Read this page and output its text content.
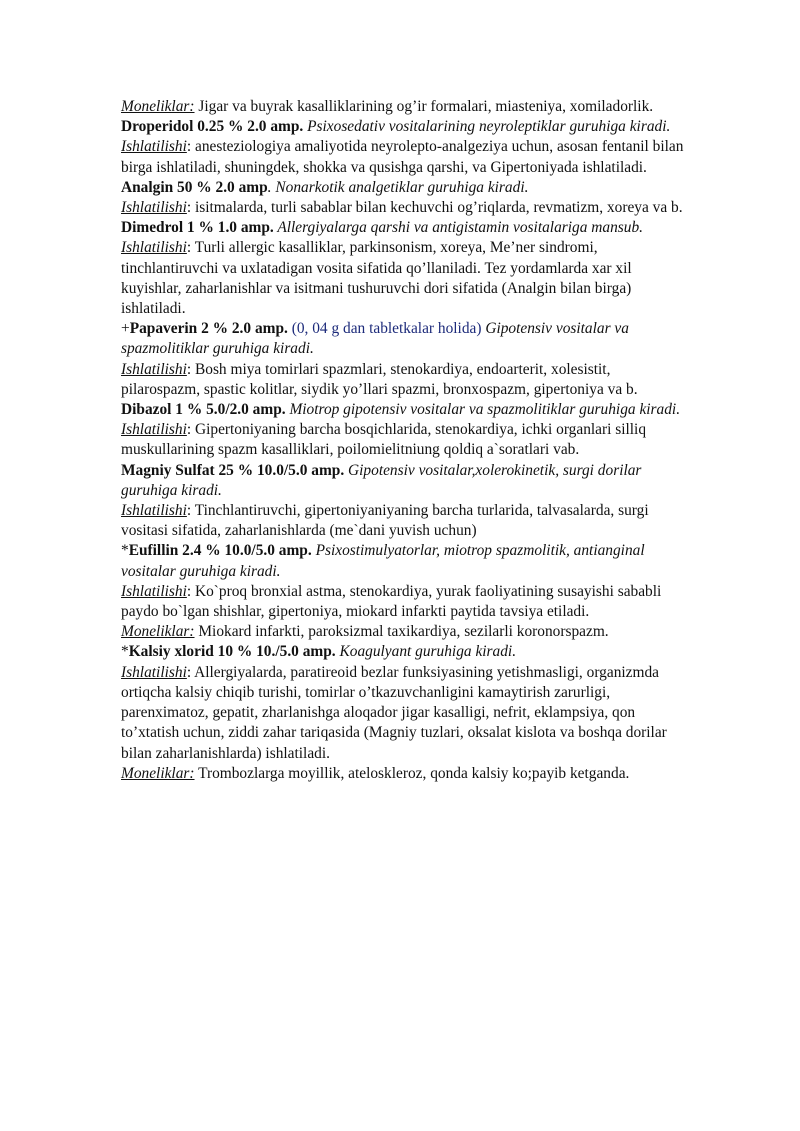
Moneliklar: Jigar va buyrak kasalliklarining og’ir formalari, miasteniya, xomiladorlik.

Droperidol 0.25 % 2.0 amp. Psixosedativ vositalarining neyroleptiklar guruhiga kiradi.

Ishlatilishi: anesteziologiya amaliyotida neyrolepto-analgeziya uchun, asosan fentanil bilan birga ishlatiladi, shuningdek, shokka va qusishga qarshi, va Gipertoniyada ishlatiladi.

Analgin 50 % 2.0 amp. Nonarkotik analgetiklar guruhiga kiradi.

Ishlatilishi: isitmalarda, turli sabablar bilan kechuvchi og’riqlarda, revmatizm, xoreya va b.

Dimedrol 1 % 1.0 amp. Allergiyalarga qarshi va antigistamin vositalariga mansub.

Ishlatilishi: Turli allergic kasalliklar, parkinsonism, xoreya, Me’ner sindromi, tinchlantiruvchi va uxlatadigan vosita sifatida qo’llaniladi. Tez yordamlarda xar xil kuyishlar, zaharlanishlar va isitmani tushuruvchi dori sifatida (Analgin bilan birga) ishlatiladi.

+Papaverin 2 % 2.0 amp. (0, 04 g dan tabletkalar holida) Gipotensiv vositalar va spazmolitiklar guruhiga kiradi.

Ishlatilishi: Bosh miya tomirlari spazmlari, stenokardiya, endoarterit, xolesistit, pilarospazm, spastic kolitlar, siydik yo’llari spazmi, bronxospazm, gipertoniya va b.

Dibazol 1 % 5.0/2.0 amp. Miotrop gipotensiv vositalar va spazmolitiklar guruhiga kiradi.

Ishlatilishi: Gipertoniyaning barcha bosqichlarida, stenokardiya, ichki organlari silliq muskullarining spazm kasalliklari, poilomielitniung qoldiq a`soratlari vab.

Magniy Sulfat 25 % 10.0/5.0 amp. Gipotensiv vositalar,xolerokinetik, surgi dorilar guruhiga kiradi.

Ishlatilishi: Tinchlantiruvchi, gipertoniyaniyaning barcha turlarida, talvasalarda, surgi vositasi sifatida, zaharlanishlarda (me`dani yuvish uchun)

*Eufillin 2.4 % 10.0/5.0 amp. Psixostimulyatorlar, miotrop spazmolitik, antianginal vositalar guruhiga kiradi.

Ishlatilishi: Ko`proq bronxial astma, stenokardiya, yurak faoliyatining susayishi sababli paydo bo`lgan shishlar, gipertoniya, miokard infarkti paytida tavsiya etiladi.

Moneliklar: Miokard infarkti, paroksizmal taxikardiya, sezilarli koronorspazm.

*Kalsiy xlorid 10 % 10./5.0 amp. Koagulyant guruhiga kiradi.

Ishlatilishi: Allergiyalarda, paratireoid bezlar funksiyasining yetishmasligi, organizmda ortiqcha kalsiy chiqib turishi, tomirlar o’tkazuvchanligini kamaytirish zarurligi, parenximatoz, gepatit, zharlanishga aloqador jigar kasalligi, nefrit, eklampsiya, qon to’xtatish uchun, ziddi zahar tariqasida (Magniy tuzlari, oksalat kislota va boshqa dorilar bilan zaharlanishlarda) ishlatiladi.

Moneliklar: Trombozlarga moyillik, ateloskleroz, qonda kalsiy ko;payib ketganda.
